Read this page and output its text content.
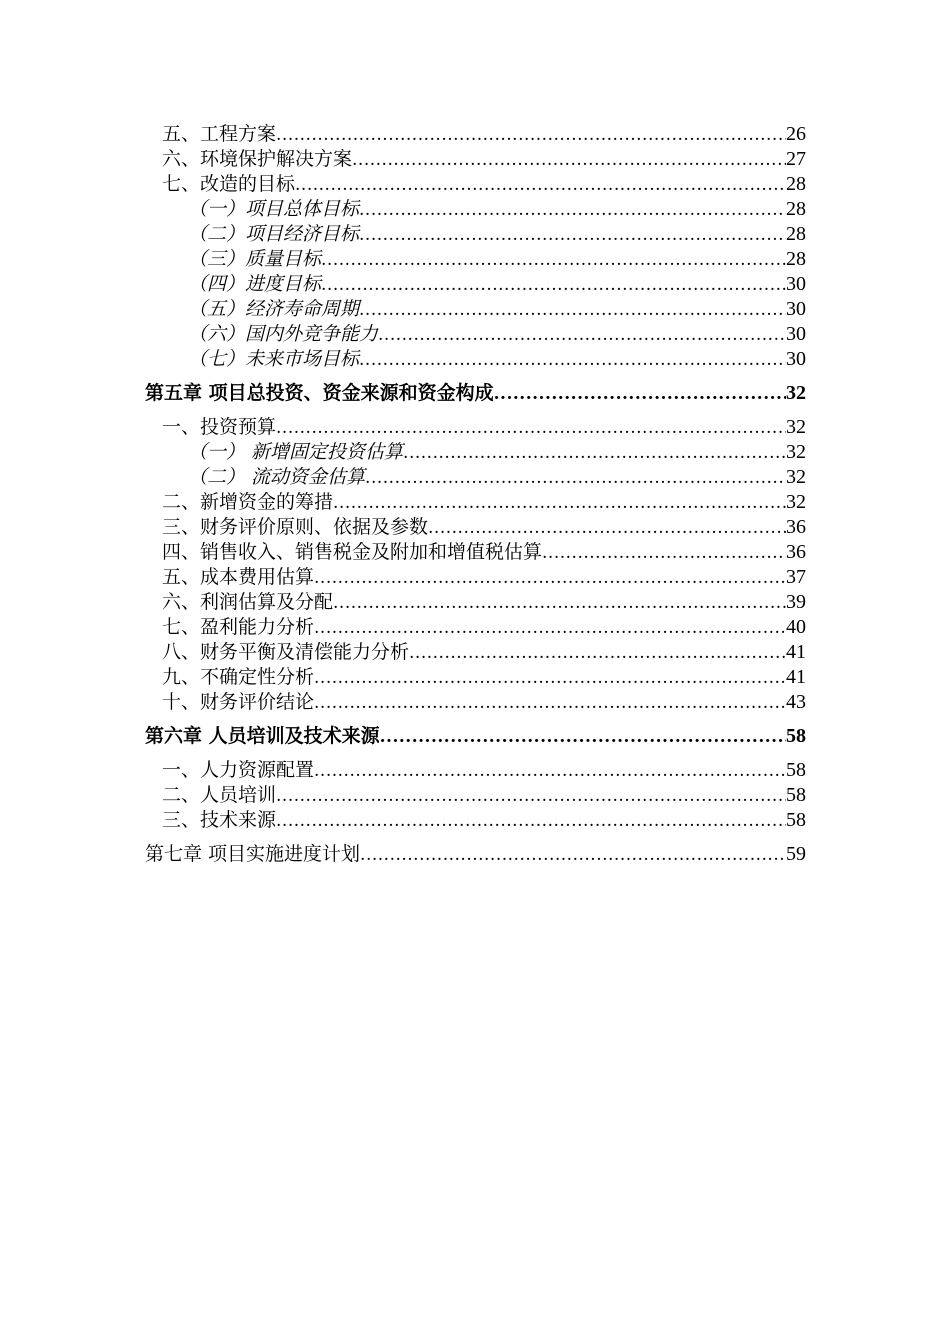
五、工程方案 .....	26
六、环境保护解决方案 .....	27
七、改造的目标 .....	28
（一）项目总体目标 .....	28
（二）项目经济目标 .....	28
（三）质量目标 .....	28
（四）进度目标 .....	30
（五）经济寿命周期 .....	30
（六）国内外竞争能力 .....	30
（七）未来市场目标 .....	30
第五章 项目总投资、资金来源和资金构成 .....	32
一、投资预算 .....	32
（一） 新增固定投资估算 .....	32
（二） 流动资金估算 .....	32
二、新增资金的筹措 .....	32
三、财务评价原则、依据及参数 .....	36
四、销售收入、销售税金及附加和增值税估算 .....	36
五、成本费用估算 .....	37
六、利润估算及分配 .....	39
七、盈利能力分析 .....	40
八、财务平衡及清偿能力分析 .....	41
九、不确定性分析 .....	41
十、财务评价结论 .....	43
第六章 人员培训及技术来源 .....	58
一、人力资源配置 .....	58
二、人员培训 .....	58
三、技术来源 .....	58
第七章 项目实施进度计划 .....	59
